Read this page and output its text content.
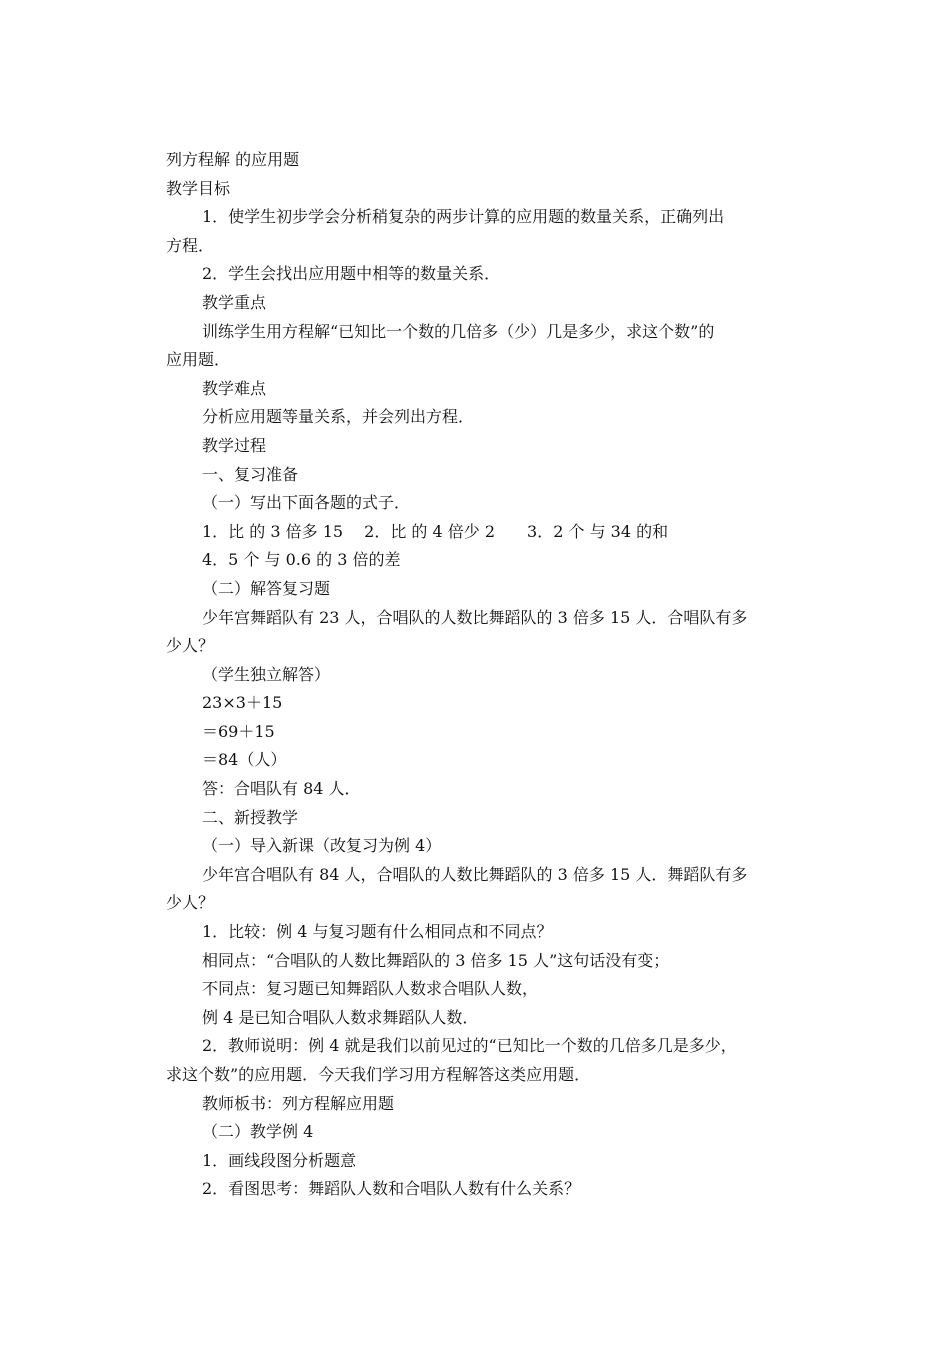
列方程解 的应用题
教学目标
1．使学生初步学会分析稍复杂的两步计算的应用题的数量关系，正确列出
方程．
2．学生会找出应用题中相等的数量关系．
教学重点
训练学生用方程解“已知比一个数的几倍多（少）几是多少，求这个数”的
应用题．
教学难点
分析应用题等量关系，并会列出方程．
教学过程
一、复习准备
（一）写出下面各题的式子．
1．比 的 3 倍多 15　 2．比 的 4 倍少 2　　3．2 个 与 34 的和
4．5 个 与 0.6 的 3 倍的差
（二）解答复习题
少年宫舞蹈队有 23 人，合唱队的人数比舞蹈队的 3 倍多 15 人．合唱队有多
少人？
（学生独立解答）
23×3＋15
＝69＋15
＝84（人）
答：合唱队有 84 人．
二、新授教学
（一）导入新课（改复习为例 4）
少年宫合唱队有 84 人，合唱队的人数比舞蹈队的 3 倍多 15 人．舞蹈队有多
少人？
1．比较：例 4 与复习题有什么相同点和不同点？
相同点：“合唱队的人数比舞蹈队的 3 倍多 15 人”这句话没有变；
不同点：复习题已知舞蹈队人数求合唱队人数，
例 4 是已知合唱队人数求舞蹈队人数．
2．教师说明：例 4 就是我们以前见过的“已知比一个数的几倍多几是多少，
求这个数”的应用题．今天我们学习用方程解答这类应用题．
教师板书：列方程解应用题
（二）教学例 4
1．画线段图分析题意
2．看图思考：舞蹈队人数和合唱队人数有什么关系？
